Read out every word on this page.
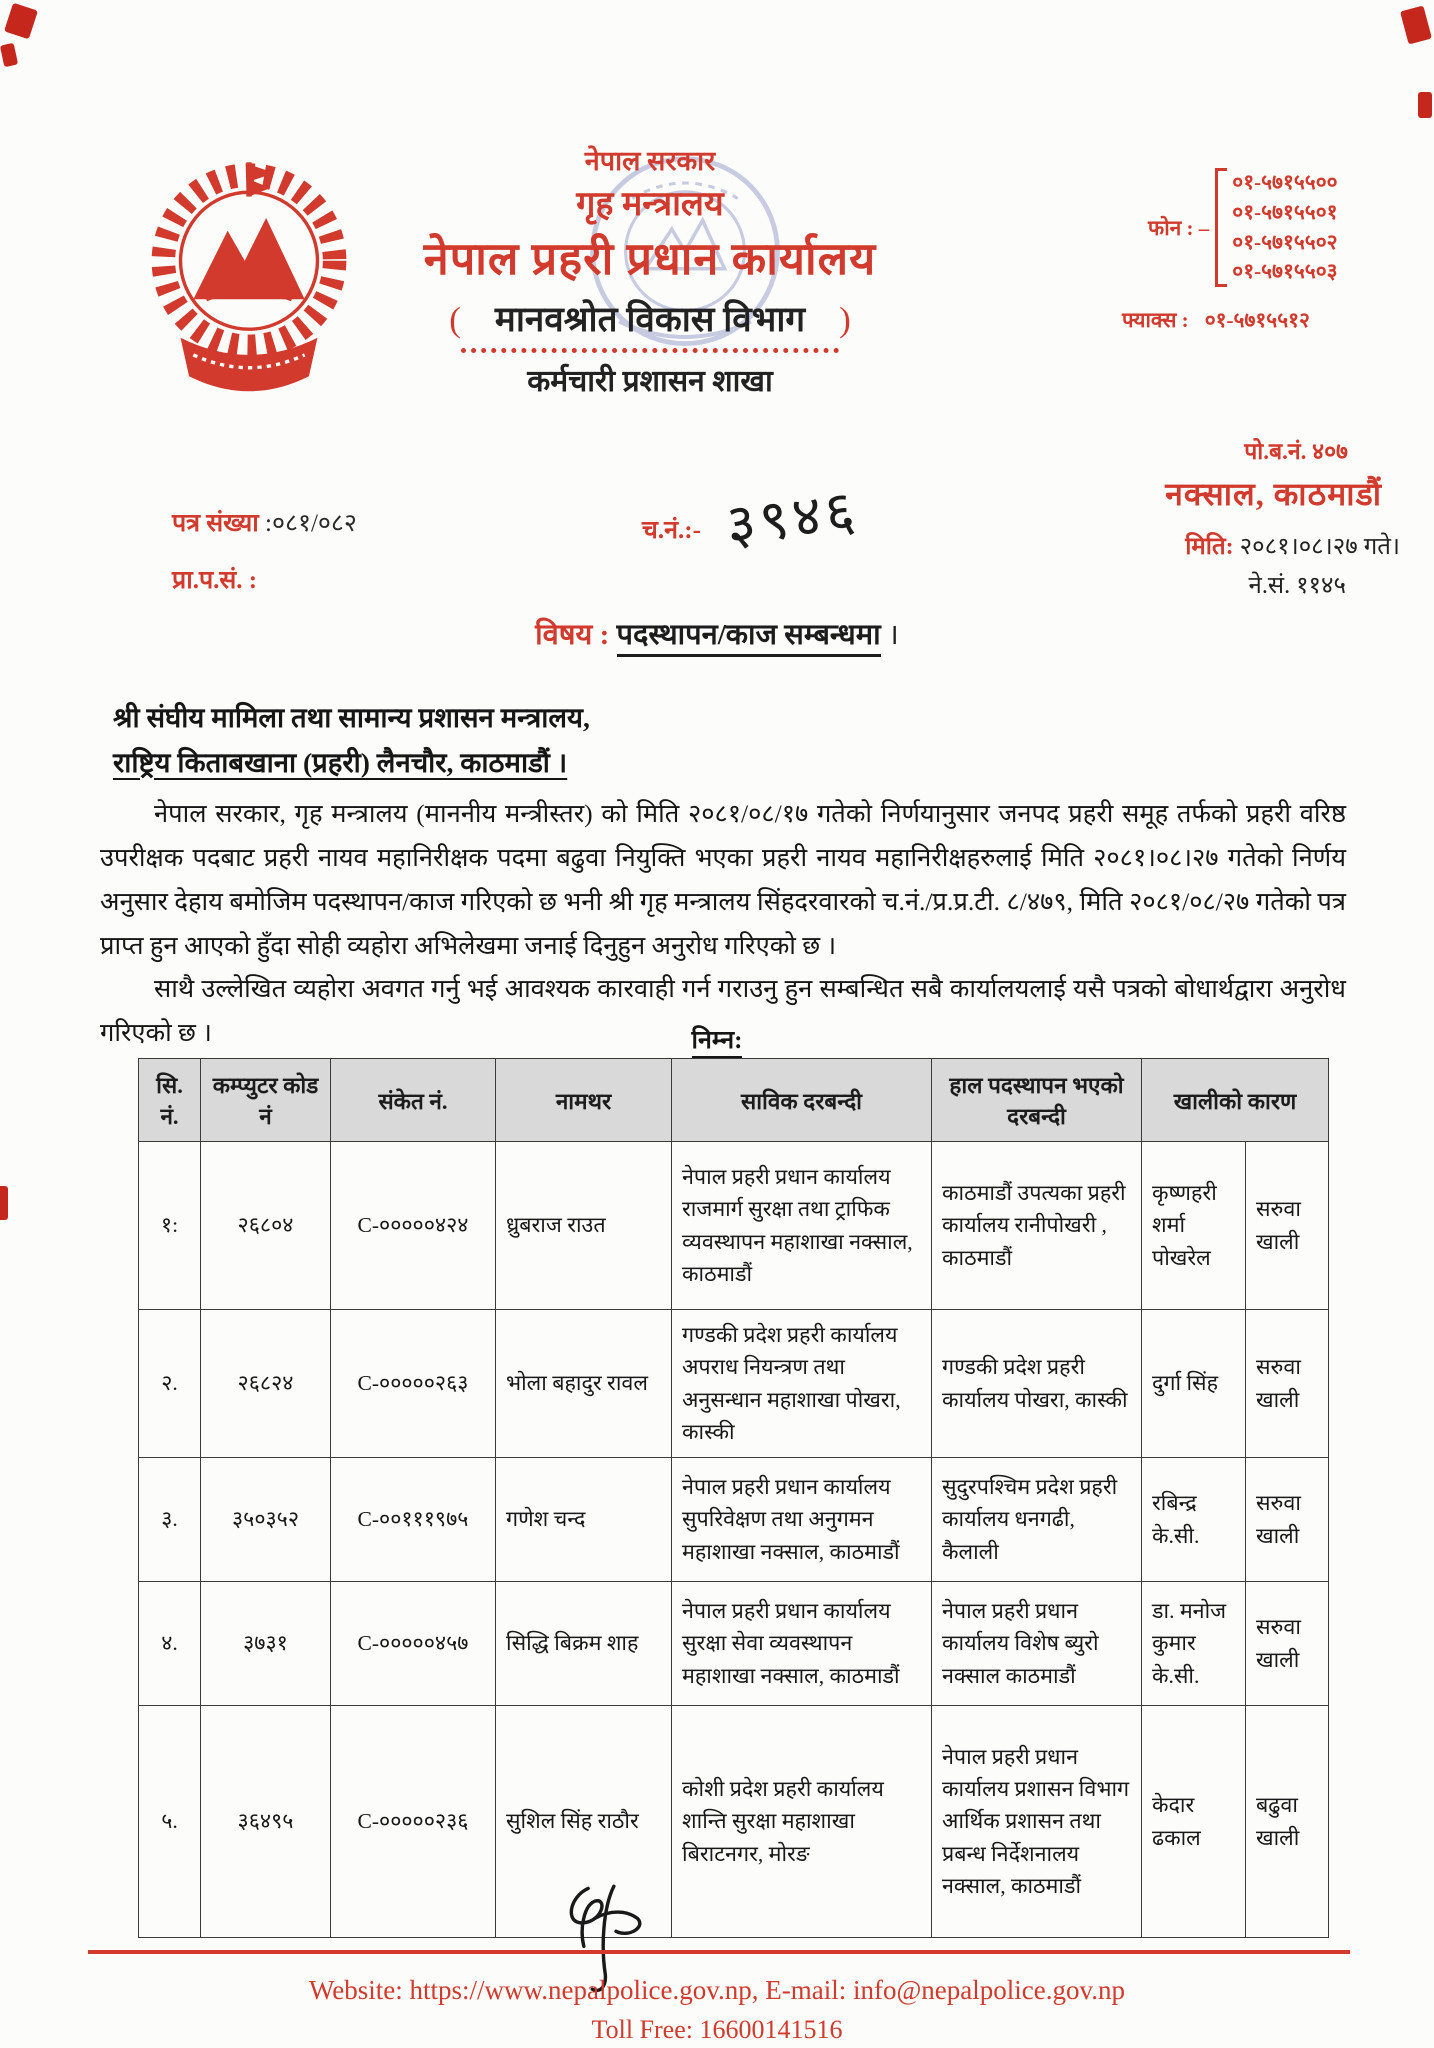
नेपाल सरकार
गृह मन्त्रालय
नेपाल प्रहरी प्रधान कार्यालय
( मानवश्रोत विकास विभाग )
कर्मचारी प्रशासन शाखा
फोन : –
०१-५७१५५००
०१-५७१५५०१
०१-५७१५५०२
०१-५७१५५०३
फ्याक्स : ०१-५७१५५१२
पो.ब.नं. ४०७
नक्साल, काठमाडौं
मिति: २०८१।०८।२७ गते।
ने.सं. ११४५
पत्र संख्या :०८१/०८२
प्रा.प.सं. :
च.नं.:- ३९४६
विषय : पदस्थापन/काज सम्बन्धमा ।
श्री संघीय मामिला तथा सामान्य प्रशासन मन्त्रालय,
राष्ट्रिय किताबखाना (प्रहरी) लैनचौर, काठमाडौं ।

नेपाल सरकार, गृह मन्त्रालय (माननीय मन्त्रीस्तर) को मिति २०८१/०८/१७ गतेको निर्णयानुसार जनपद प्रहरी समूह तर्फको प्रहरी वरिष्ठ उपरीक्षक पदबाट प्रहरी नायव महानिरीक्षक पदमा बढुवा नियुक्ति भएका प्रहरी नायव महानिरीक्षहरुलाई मिति २०८१।०८।२७ गतेको निर्णय अनुसार देहाय बमोजिम पदस्थापन/काज गरिएको छ भनी श्री गृह मन्त्रालय सिंहदरवारको च.नं./प्र.प्र.टी. ८/४७९, मिति २०८१/०८/२७ गतेको पत्र प्राप्त हुन आएको हुँदा सोही व्यहोरा अभिलेखमा जनाई दिनुहुन अनुरोध गरिएको छ ।

साथै उल्लेखित व्यहोरा अवगत गर्नु भई आवश्यक कारवाही गर्न गराउनु हुन सम्बन्धित सबै कार्यालयलाई यसै पत्रको बोधार्थद्वारा अनुरोध गरिएको छ ।	निम्न:
सि. नं.	कम्प्युटर कोड नं	संकेत नं.	नामथर	साविक दरबन्दी	हाल पदस्थापन भएको दरबन्दी	खालीको कारण	
१:	२६८०४	C-०००००४२४	ध्रुबराज राउत	नेपाल प्रहरी प्रधान कार्यालय राजमार्ग सुरक्षा तथा ट्राफिक व्यवस्थापन महाशाखा नक्साल, काठमाडौं	काठमाडौं उपत्यका प्रहरी कार्यालय रानीपोखरी , काठमाडौं	कृष्णहरी शर्मा पोखरेल	सरुवा खाली
२.	२६८२४	C-०००००२६३	भोला बहादुर रावल	गण्डकी प्रदेश प्रहरी कार्यालय अपराध नियन्त्रण तथा अनुसन्धान महाशाखा पोखरा, कास्की	गण्डकी प्रदेश प्रहरी कार्यालय पोखरा, कास्की	दुर्गा सिंह	सरुवा खाली
३.	३५०३५२	C-००१११९७५	गणेश चन्द	नेपाल प्रहरी प्रधान कार्यालय सुपरिवेक्षण तथा अनुगमन महाशाखा नक्साल, काठमाडौं	सुदुरपश्चिम प्रदेश प्रहरी कार्यालय धनगढी, कैलाली	रबिन्द्र के.सी.	सरुवा खाली
४.	३७३१	C-०००००४५७	सिद्धि बिक्रम शाह	नेपाल प्रहरी प्रधान कार्यालय सुरक्षा सेवा व्यवस्थापन महाशाखा नक्साल, काठमाडौं	नेपाल प्रहरी प्रधान कार्यालय विशेष ब्युरो नक्साल काठमाडौं	डा. मनोज कुमार के.सी.	सरुवा खाली
५.	३६४९५	C-०००००२३६	सुशिल सिंह राठौर	कोशी प्रदेश प्रहरी कार्यालय शान्ति सुरक्षा महाशाखा बिराटनगर, मोरङ	नेपाल प्रहरी प्रधान कार्यालय प्रशासन विभाग आर्थिक प्रशासन तथा प्रबन्ध निर्देशनालय नक्साल, काठमाडौं	केदार ढकाल	बढुवा खाली
Website: https://www.nepalpolice.gov.np, E-mail: info@nepalpolice.gov.np
Toll Free: 16600141516
